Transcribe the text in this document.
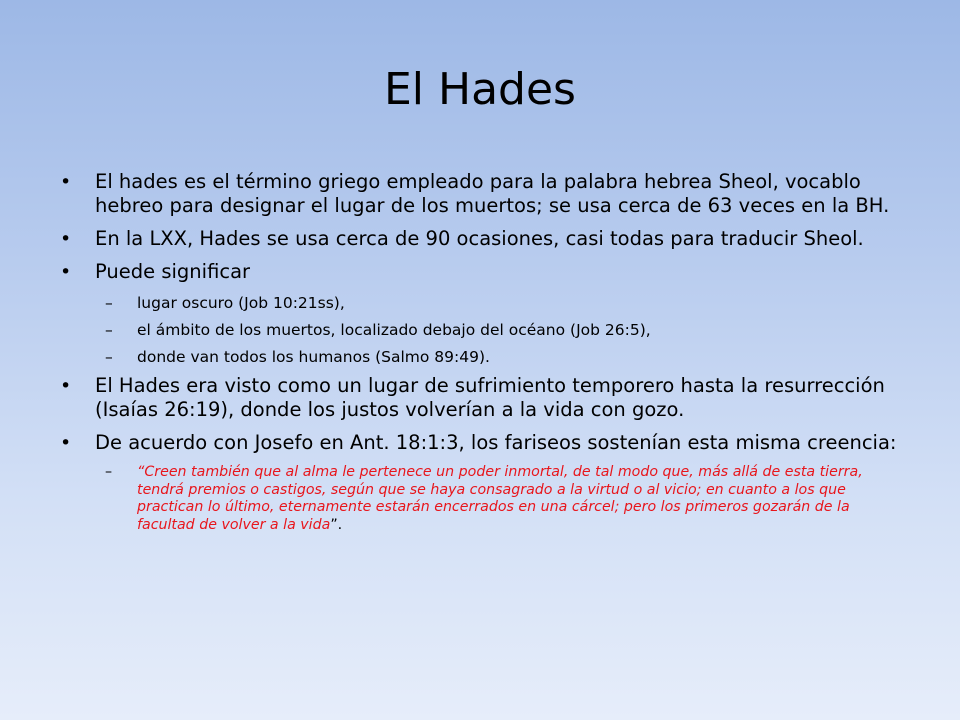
El Hades
• El hades es el término griego empleado para la palabra hebrea Sheol, vocablo hebreo para designar el lugar de los muertos; se usa cerca de 63 veces en la BH.
• En la LXX, Hades se usa cerca de 90 ocasiones, casi todas para traducir Sheol.
• Puede significar
– lugar oscuro (Job 10:21ss),
– el ámbito de los muertos, localizado debajo del océano (Job 26:5),
– donde van todos los humanos (Salmo 89:49).
• El Hades era visto como un lugar de sufrimiento temporero hasta la resurrección (Isaías 26:19), donde los justos volverían a la vida con gozo.
• De acuerdo con Josefo en Ant. 18:1:3, los fariseos sostenían esta misma creencia:
– “Creen también que al alma le pertenece un poder inmortal, de tal modo que, más allá de esta tierra, tendrá premios o castigos, según que se haya consagrado a la virtud o al vicio; en cuanto a los que practican lo último, eternamente estarán encerrados en una cárcel; pero los primeros gozarán de la facultad de volver a la vida”.
